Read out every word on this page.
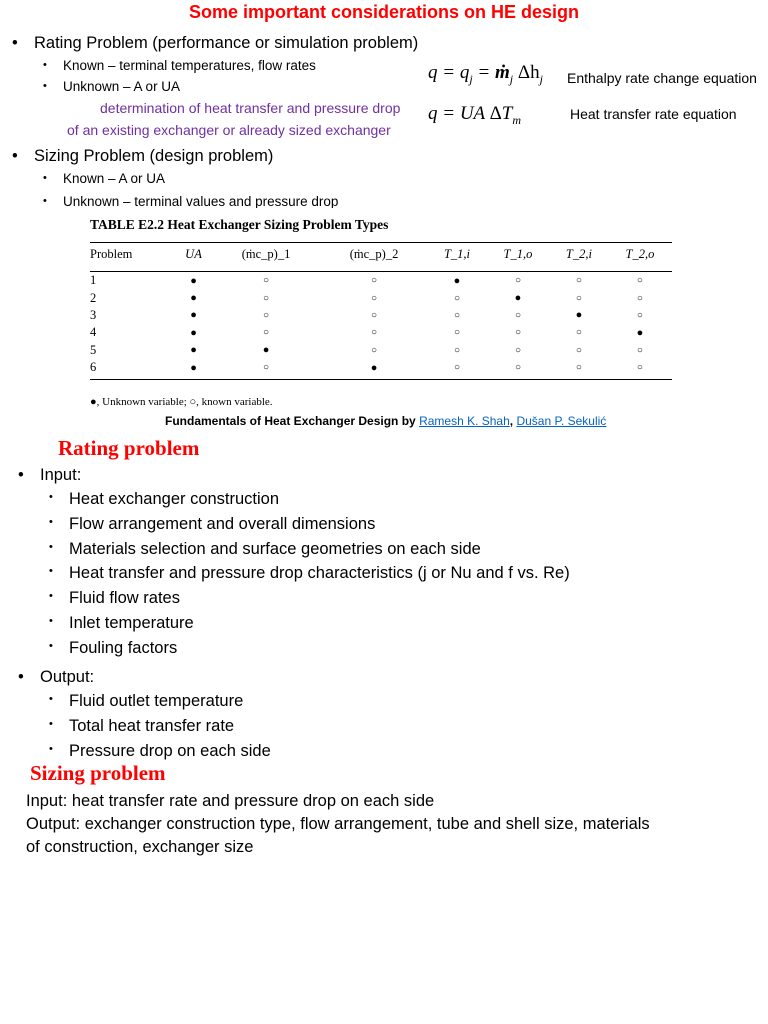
Some important considerations on HE design
• Rating Problem (performance or simulation problem)
• Known – terminal temperatures, flow rates
• Unknown – A or UA
determination of heat transfer and pressure drop
of an existing exchanger or already sized exchanger
$q = q_j$ = ṁ$_j$ $\Delta h_j$ Enthalpy rate change equation
q = UA $\Delta T_m$	Heat transfer rate equation
• Sizing Problem (design problem)
• Known – A or UA
• Unknown – terminal values and pressure drop
TABLE E2.2 Heat Exchanger Sizing Problem Types
Problem	UA	(ṁc_p)_1	(ṁc_p)_2	T_1,i	T_1,o	T_2,i	T_2,o
1	●	○	○	●	○	○	○
2	●	○	○	○	●	○	○
3	●	○	○	○	○	●	○
4	●	○	○	○	○	○	●
5	●	●	○	○	○	○	○
6	●	○	●	○	○	○	○
●, Unknown variable; ○, known variable.
Fundamentals of Heat Exchanger Design by Ramesh K. Shah, Dušan P. Sekulić
Rating problem
• Input:
• Heat exchanger construction
• Flow arrangement and overall dimensions
• Materials selection and surface geometries on each side
• Heat transfer and pressure drop characteristics (j or Nu and f vs. Re)
• Fluid flow rates
• Inlet temperature
• Fouling factors
• Output:
• Fluid outlet temperature
• Total heat transfer rate
• Pressure drop on each side
Sizing problem
Input: heat transfer rate and pressure drop on each side
Output: exchanger construction type, flow arrangement, tube and shell size, materials
of construction, exchanger size
